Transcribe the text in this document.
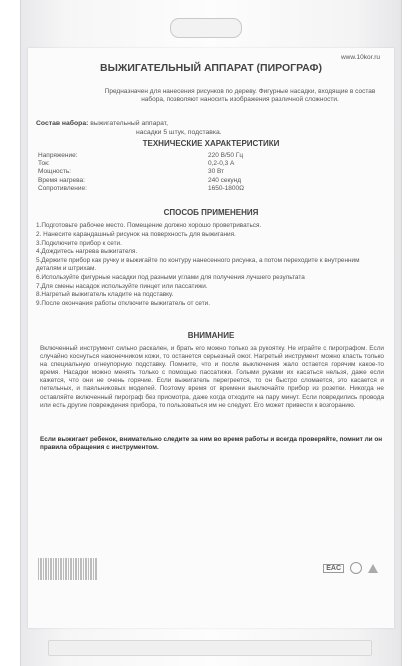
www.10kor.ru
ВЫЖИГАТЕЛЬНЫЙ АППАРАТ (ПИРОГРАФ)
Предназначен для нанесения рисунков по дереву. Фигурные насадки, входящие в состав набора, позволяют наносить изображения различной сложности.
Состав набора: выжигательный аппарат,
насадки 5 штук, подставка.
ТЕХНИЧЕСКИЕ ХАРАКТЕРИСТИКИ
Напряжение:	220 В/50 Гц
Ток:	0,2-0,3 А
Мощность:	30 Вт
Время нагрева:	240 секунд
Сопротивление:	1650-1800Ω
СПОСОБ ПРИМЕНЕНИЯ

1.Подготовьте рабочее место. Помещение должно хорошо проветриваться.

2. Нанесите карандашный рисунок на поверхность для выжигания.

3.Подключите прибор к сети.

4.Дождитесь нагрева выжигателя.

5.Держите прибор как ручку и выжигайте по контуру нанесенного рисунка, а потом переходите к внутренним деталям и штрихам.

6.Используйте фигурные насадки под разными углами для получения лучшего результата

7.Для смены насадок используйте пинцет или пассатижи.

8.Нагретый выжигатель кладите на подставку.

9.После окончания работы отключите выжигатель от сети.

ВНИМАНИЕ
Включенный инструмент сильно раскален, и брать его можно только за рукоятку. Не играйте с пирографом. Если случайно коснуться наконечником кожи, то останется серьезный ожог. Нагретый инструмент можно класть только на специальную огнеупорную подставку. Помните, что и после выключения жало остается горячим какое-то время. Насадки можно менять только с помощью пассатижи. Голыми руками их касаться нельзя, даже если кажется, что они не очень горячие. Если выжигатель перегреется, то он быстро сломается, это касается и петельных, и паяльниковых моделей. Поэтому время от времени выключайте прибор из розетки. Никогда не оставляйте включенный пирограф без присмотра, даже когда отходите на пару минут. Если повредились провода или есть другие повреждения прибора, то пользоваться им не следует. Его может привести к возгоранию.
Если выжигает ребенок, внимательно следите за ним во время работы и всегда проверяйте, помнит ли он правила обращения с инструментом.

EAC
